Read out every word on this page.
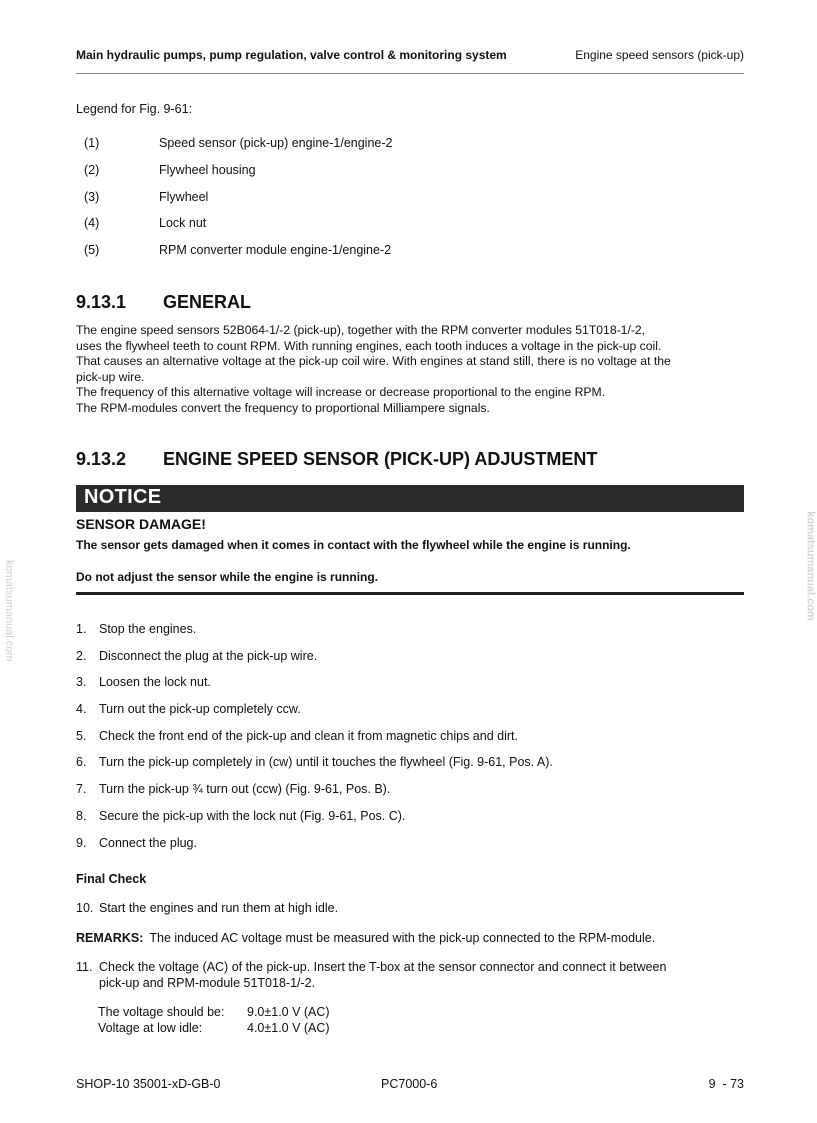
Main hydraulic pumps, pump regulation, valve control & monitoring system	Engine speed sensors (pick-up)
komatsumanual.com	komatsumanual.com
Legend for Fig. 9-61:
(1)	Speed sensor (pick-up) engine-1/engine-2
(2)	Flywheel housing
(3)	Flywheel
(4)	Lock nut
(5)	RPM converter module engine-1/engine-2
9.13.1 GENERAL
The engine speed sensors 52B064-1/-2 (pick-up), together with the RPM converter modules 51T018-1/-2,
uses the flywheel teeth to count RPM. With running engines, each tooth induces a voltage in the pick-up coil.
That causes an alternative voltage at the pick-up coil wire. With engines at stand still, there is no voltage at the
pick-up wire.
The frequency of this alternative voltage will increase or decrease proportional to the engine RPM.
The RPM-modules convert the frequency to proportional Milliampere signals.
9.13.2 ENGINE SPEED SENSOR (PICK-UP) ADJUSTMENT
NOTICE
SENSOR DAMAGE!
The sensor gets damaged when it comes in contact with the flywheel while the engine is running.
Do not adjust the sensor while the engine is running.
1. Stop the engines.
2. Disconnect the plug at the pick-up wire.
3. Loosen the lock nut.
4. Turn out the pick-up completely ccw.
5. Check the front end of the pick-up and clean it from magnetic chips and dirt.
6. Turn the pick-up completely in (cw) until it touches the flywheel (Fig. 9-61, Pos. A).
7. Turn the pick-up ¾ turn out (ccw) (Fig. 9-61, Pos. B).
8. Secure the pick-up with the lock nut (Fig. 9-61, Pos. C).
9. Connect the plug.
Final Check
10. Start the engines and run them at high idle.
REMARKS: The induced AC voltage must be measured with the pick-up connected to the RPM-module.
11. Check the voltage (AC) of the pick-up. Insert the T-box at the sensor connector and connect it between
pick-up and RPM-module 51T018-1/-2.
The voltage should be: 9.0±1.0 V (AC)
Voltage at low idle:	4.0±1.0 V (AC)
SHOP-10 35001-xD-GB-0	PC7000-6	9  - 73
